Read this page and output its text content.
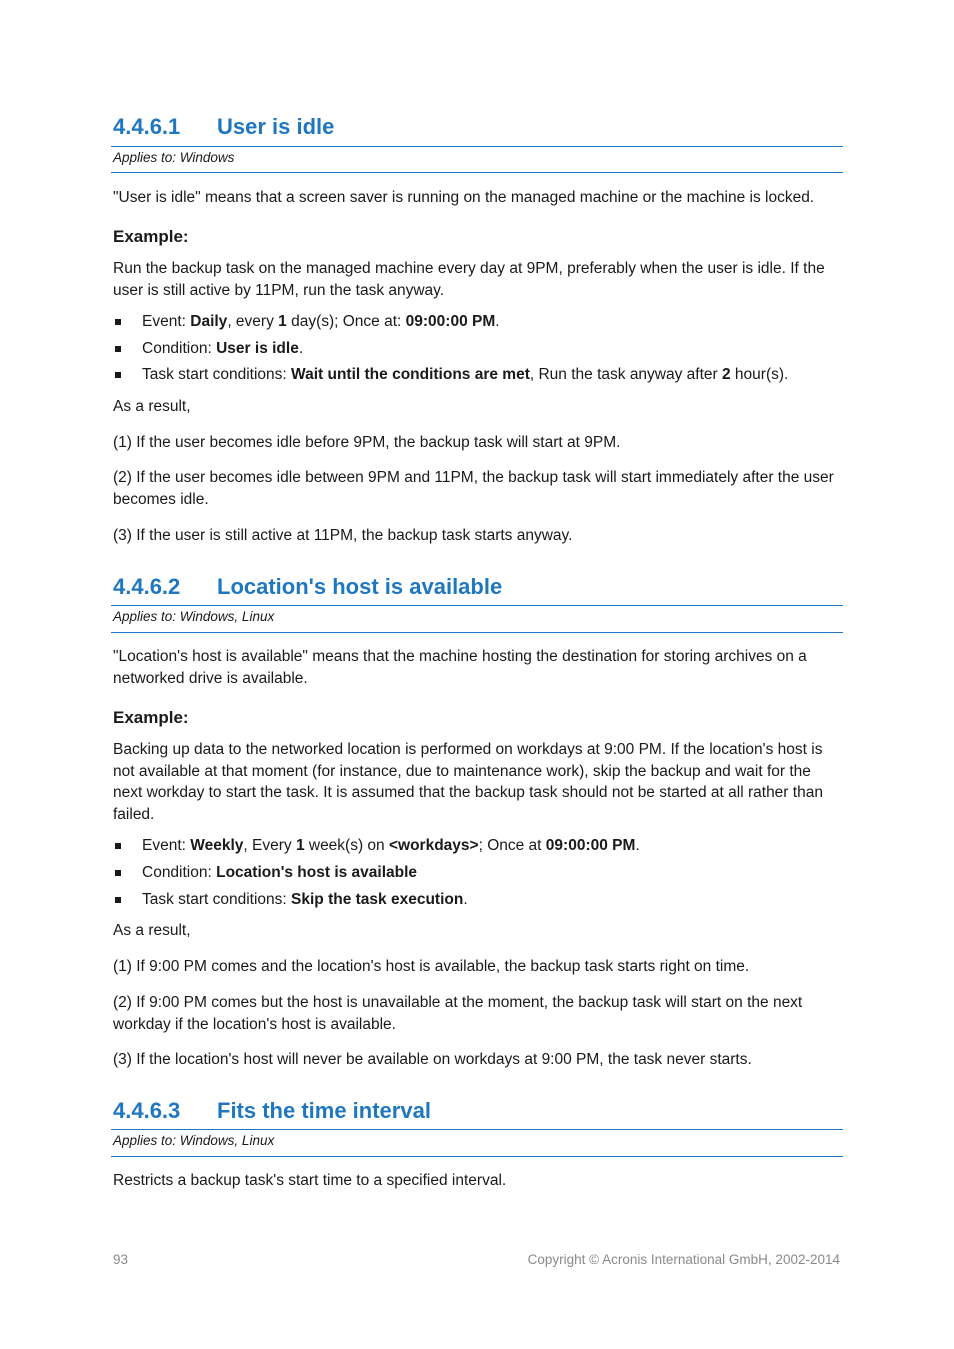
4.4.6.1 User is idle
Applies to: Windows

"User is idle" means that a screen saver is running on the managed machine or the machine is locked.

Example:

Run the backup task on the managed machine every day at 9PM, preferably when the user is idle. If the user is still active by 11PM, run the task anyway.

Event: Daily, every 1 day(s); Once at: 09:00:00 PM.
Condition: User is idle.
Task start conditions: Wait until the conditions are met, Run the task anyway after 2 hour(s).

As a result,

(1) If the user becomes idle before 9PM, the backup task will start at 9PM.

(2) If the user becomes idle between 9PM and 11PM, the backup task will start immediately after the user becomes idle.

(3) If the user is still active at 11PM, the backup task starts anyway.

4.4.6.2 Location's host is available
Applies to: Windows, Linux

"Location's host is available" means that the machine hosting the destination for storing archives on a networked drive is available.

Example:

Backing up data to the networked location is performed on workdays at 9:00 PM. If the location's host is not available at that moment (for instance, due to maintenance work), skip the backup and wait for the next workday to start the task. It is assumed that the backup task should not be started at all rather than failed.

Event: Weekly, Every 1 week(s) on <workdays>; Once at 09:00:00 PM.
Condition: Location's host is available
Task start conditions: Skip the task execution.

As a result,

(1) If 9:00 PM comes and the location's host is available, the backup task starts right on time.

(2) If 9:00 PM comes but the host is unavailable at the moment, the backup task will start on the next workday if the location's host is available.

(3) If the location's host will never be available on workdays at 9:00 PM, the task never starts.

4.4.6.3 Fits the time interval
Applies to: Windows, Linux

Restricts a backup task's start time to a specified interval.

93	Copyright © Acronis International GmbH, 2002-2014
